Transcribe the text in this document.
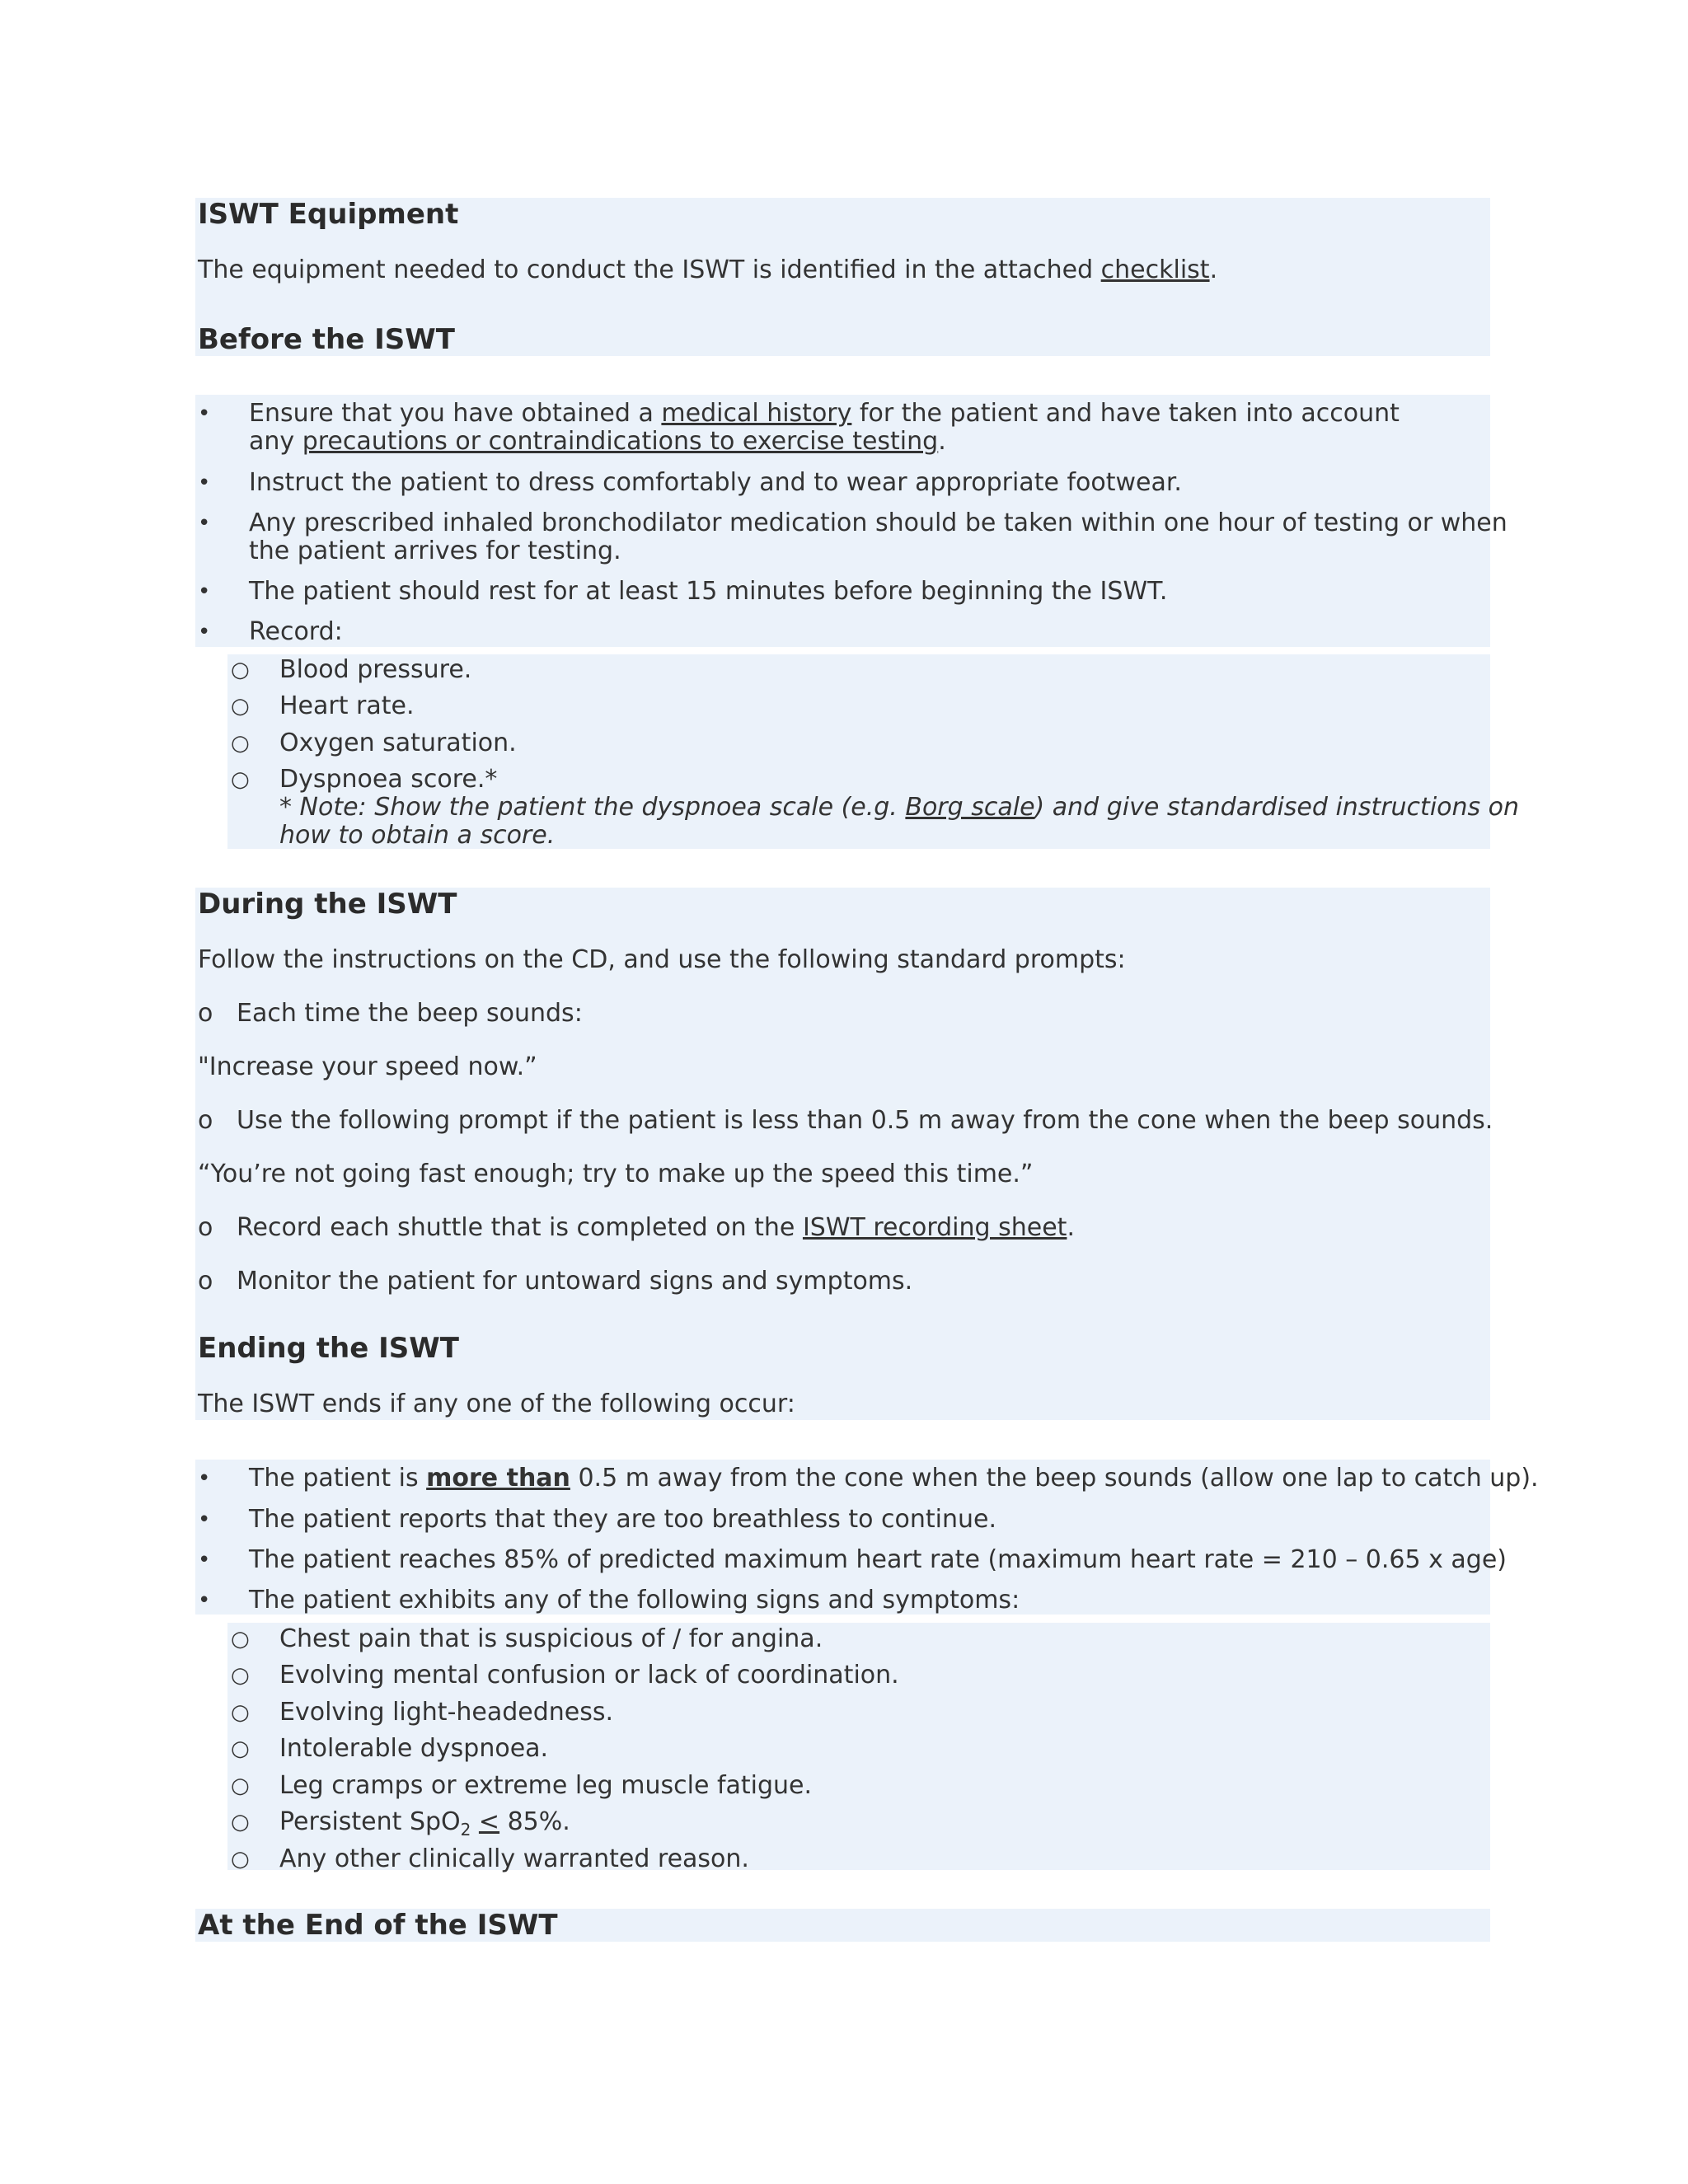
ISWT Equipment
The equipment needed to conduct the ISWT is identified in the attached checklist.
Before the ISWT
• Ensure that you have obtained a medical history for the patient and have taken into account
any precautions or contraindications to exercise testing.
• Instruct the patient to dress comfortably and to wear appropriate footwear.
• Any prescribed inhaled bronchodilator medication should be taken within one hour of testing or when
the patient arrives for testing.
• The patient should rest for at least 15 minutes before beginning the ISWT.
• Record:
○ Blood pressure.
○ Heart rate.
○ Oxygen saturation.
○ Dyspnoea score.*
* Note: Show the patient the dyspnoea scale (e.g. Borg scale) and give standardised instructions on
how to obtain a score.
During the ISWT
Follow the instructions on the CD, and use the following standard prompts:
o Each time the beep sounds:
"Increase your speed now.”
o Use the following prompt if the patient is less than 0.5 m away from the cone when the beep sounds.
“You’re not going fast enough; try to make up the speed this time.”
o Record each shuttle that is completed on the ISWT recording sheet.
o Monitor the patient for untoward signs and symptoms.
Ending the ISWT
The ISWT ends if any one of the following occur:
• The patient is more than 0.5 m away from the cone when the beep sounds (allow one lap to catch up).
• The patient reports that they are too breathless to continue.
• The patient reaches 85% of predicted maximum heart rate (maximum heart rate = 210 – 0.65 x age)
• The patient exhibits any of the following signs and symptoms:
○ Chest pain that is suspicious of / for angina.
○ Evolving mental confusion or lack of coordination.
○ Evolving light-headedness.
○ Intolerable dyspnoea.
○ Leg cramps or extreme leg muscle fatigue.
○ Persistent SpO$_2$ ≤ 85%.
○ Any other clinically warranted reason.
At the End of the ISWT
